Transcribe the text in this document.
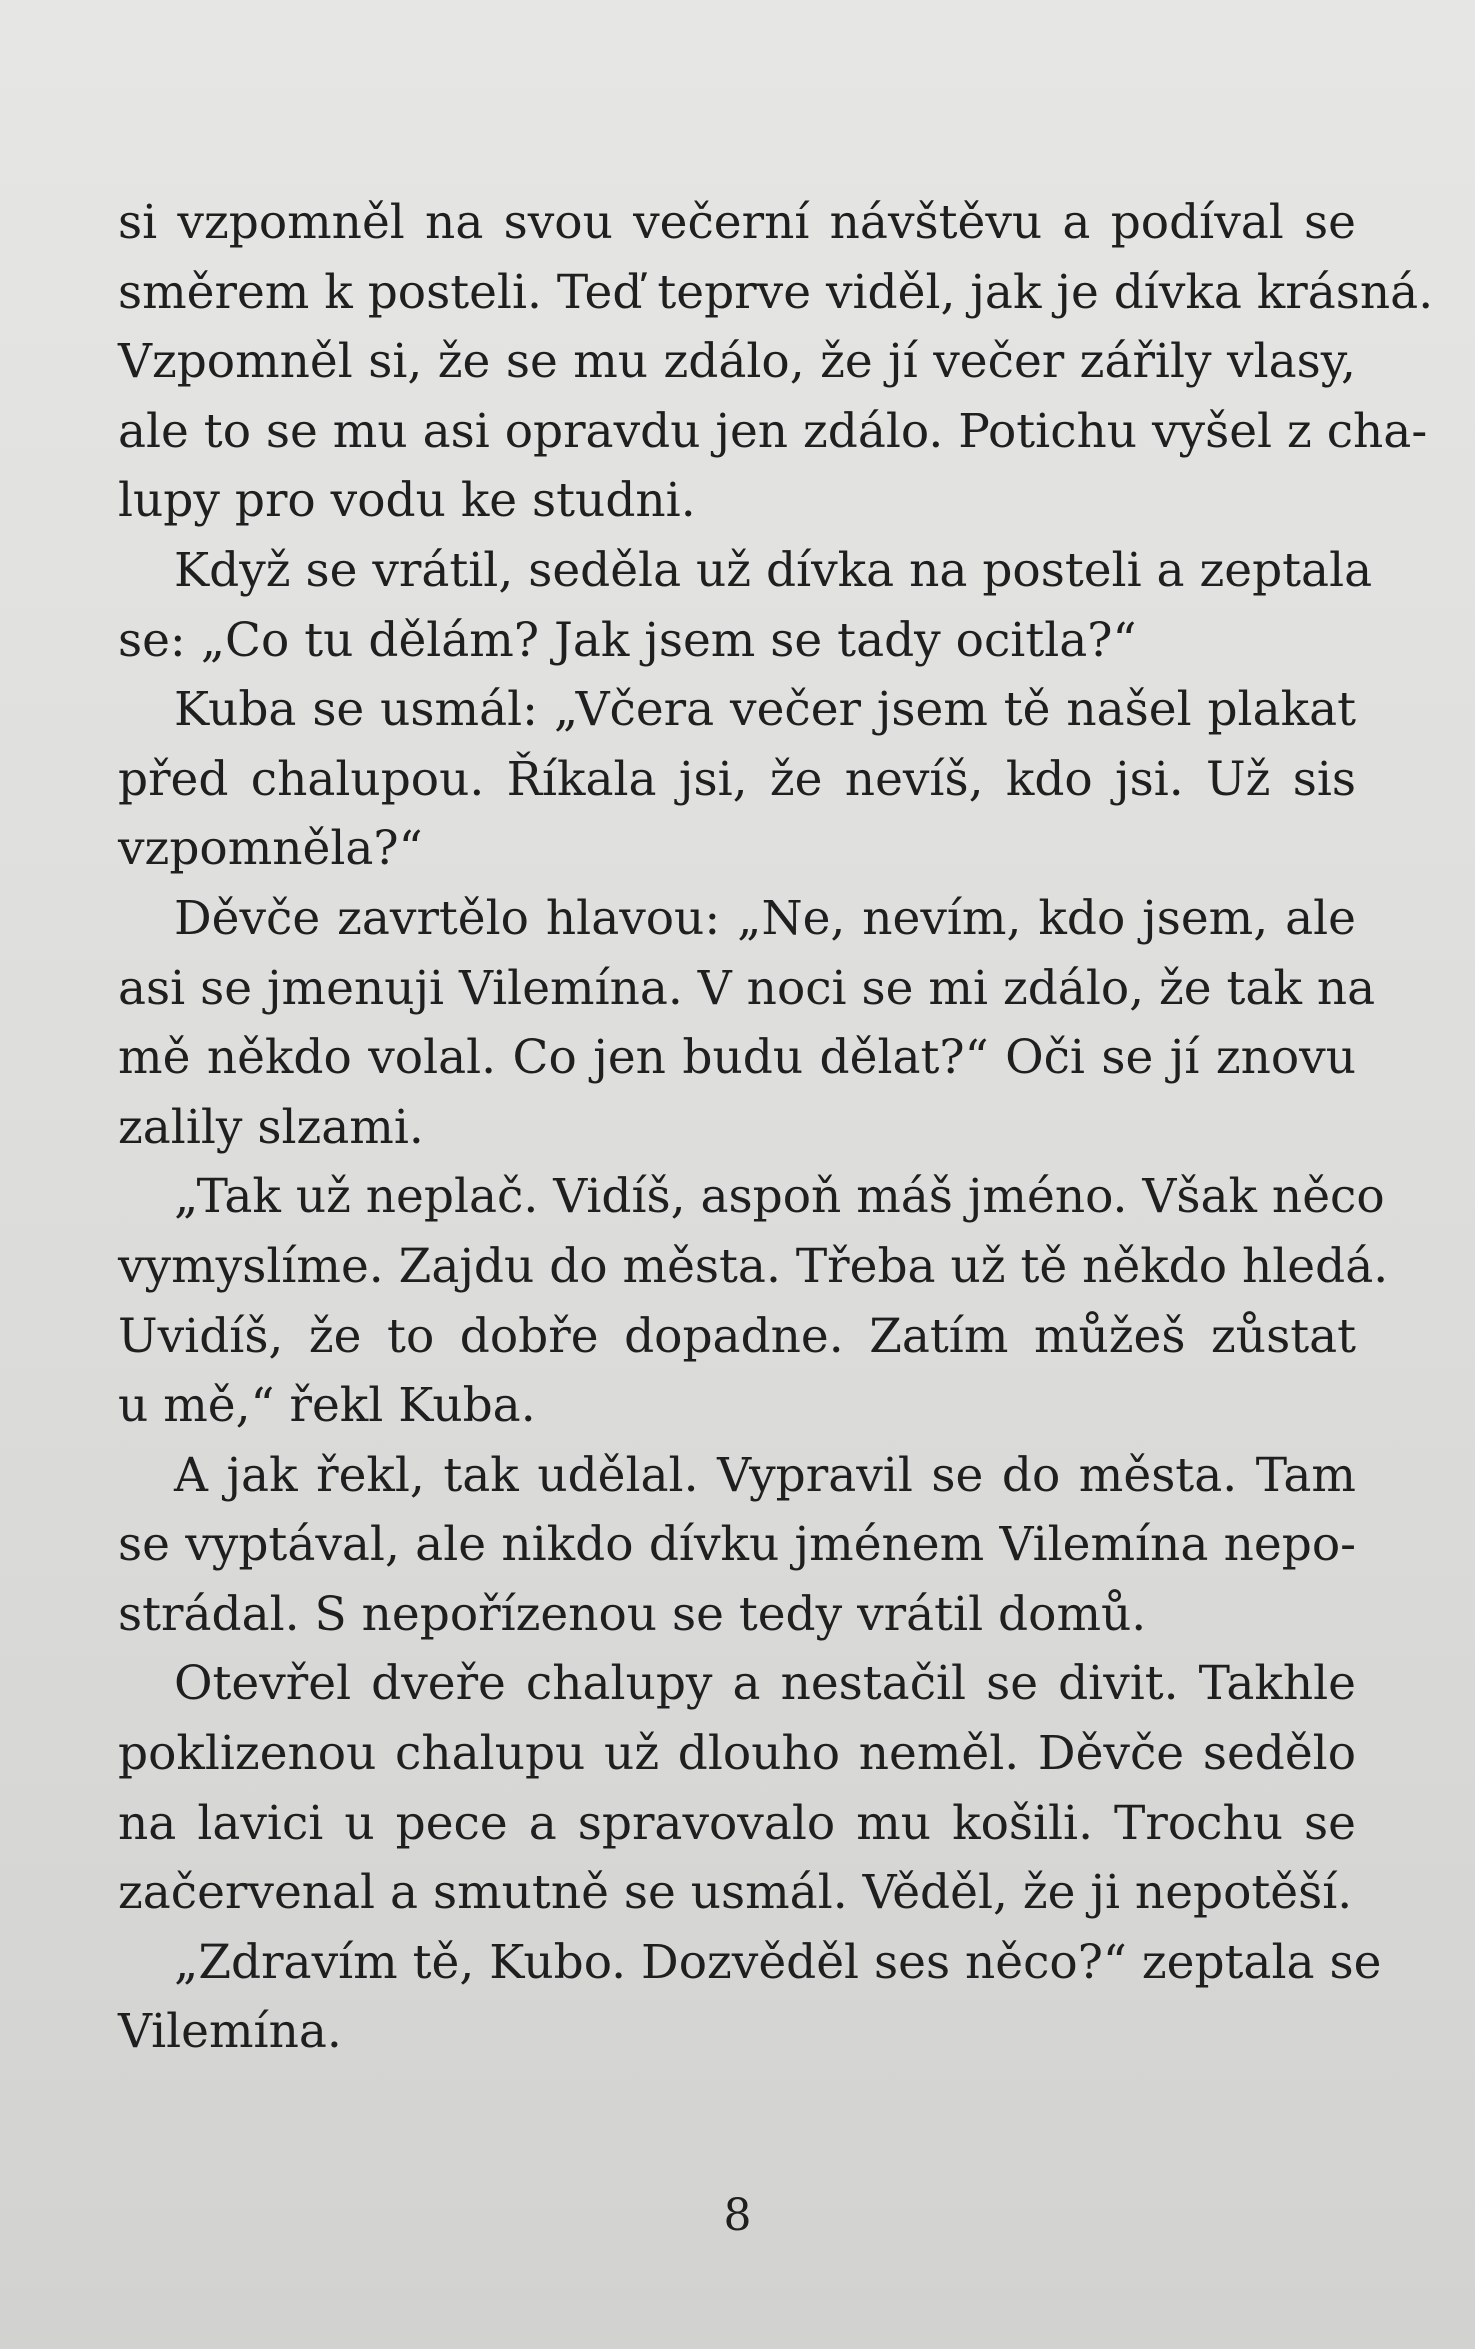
si vzpomněl na svou večerní návštěvu a podíval se
směrem k posteli. Teď teprve viděl, jak je dívka krásná.
Vzpomněl si, že se mu zdálo, že jí večer zářily vlasy,
ale to se mu asi opravdu jen zdálo. Potichu vyšel z cha-
lupy pro vodu ke studni.
Když se vrátil, seděla už dívka na posteli a zeptala
se: „Co tu dělám? Jak jsem se tady ocitla?“
Kuba se usmál: „Včera večer jsem tě našel plakat
před chalupou. Říkala jsi, že nevíš, kdo jsi. Už sis
vzpomněla?“
Děvče zavrtělo hlavou: „Ne, nevím, kdo jsem, ale
asi se jmenuji Vilemína. V noci se mi zdálo, že tak na
mě někdo volal. Co jen budu dělat?“ Oči se jí znovu
zalily slzami.
„Tak už neplač. Vidíš, aspoň máš jméno. Však něco
vymyslíme. Zajdu do města. Třeba už tě někdo hledá.
Uvidíš, že to dobře dopadne. Zatím můžeš zůstat
u mě,“ řekl Kuba.
A jak řekl, tak udělal. Vypravil se do města. Tam
se vyptával, ale nikdo dívku jménem Vilemína nepo-
strádal. S nepořízenou se tedy vrátil domů.
Otevřel dveře chalupy a nestačil se divit. Takhle
poklizenou chalupu už dlouho neměl. Děvče sedělo
na lavici u pece a spravovalo mu košili. Trochu se
začervenal a smutně se usmál. Věděl, že ji nepotěší.
„Zdravím tě, Kubo. Dozvěděl ses něco?“ zeptala se
Vilemína.
8
